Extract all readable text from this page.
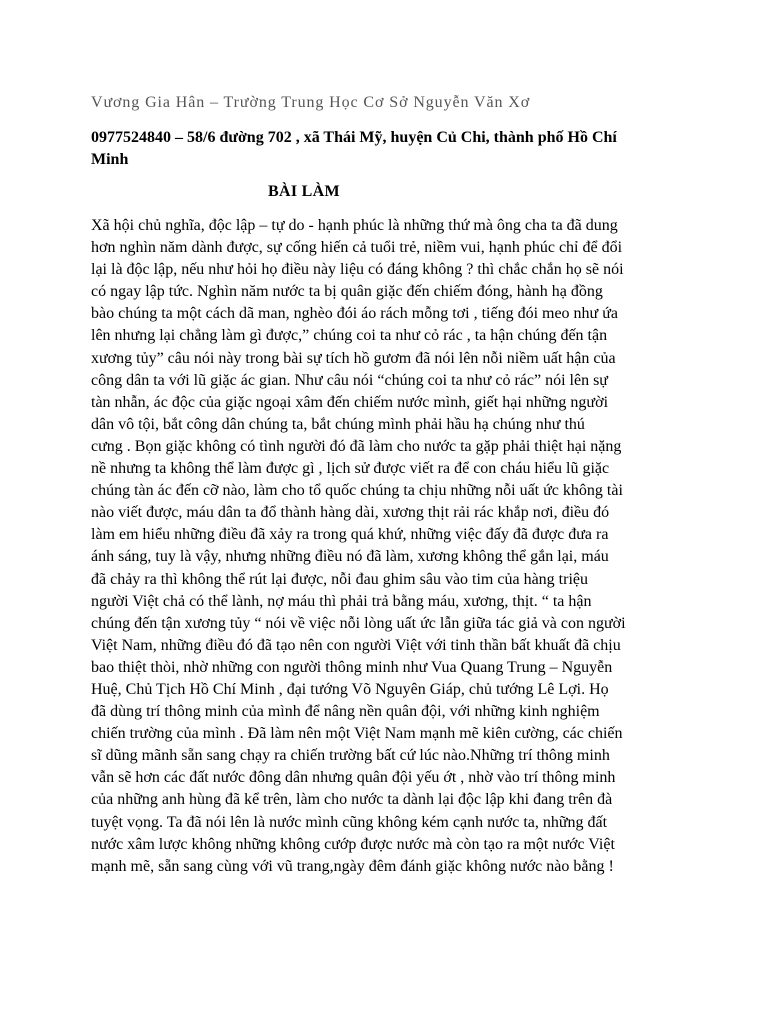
Vương Gia Hân – Trường Trung Học Cơ Sở Nguyễn Văn Xơ
0977524840 – 58/6 đường 702 , xã Thái Mỹ, huyện Củ Chi, thành phố Hồ Chí
Minh
BÀI LÀM
Xã hội chủ nghĩa, độc lập – tự do - hạnh phúc là những thứ mà ông cha ta đã dung
hơn nghìn năm dành được, sự cống hiến cả tuổi trẻ, niềm vui, hạnh phúc chỉ để đổi
lại là độc lập, nếu như hỏi họ điều này liệu có đáng không ? thì chắc chắn họ sẽ nói
có ngay lập tức. Nghìn năm nước ta bị quân giặc đến chiếm đóng, hành hạ đồng
bào chúng ta một cách dã man, nghèo đói áo rách mỗng tơi , tiếng đói meo như ứa
lên nhưng lại chẳng làm gì được,” chúng coi ta như cỏ rác , ta hận chúng đến tận
xương tủy” câu nói này trong bài sự tích hồ gươm đã nói lên nỗi niềm uất hận của
công dân ta với lũ giặc ác gian. Như câu nói “chúng coi ta như cỏ rác” nói lên sự
tàn nhẫn, ác độc của giặc ngoại xâm đến chiếm nước mình, giết hại những người
dân vô tội, bắt công dân chúng ta, bắt chúng mình phải hầu hạ chúng như thú
cưng . Bọn giặc không có tình người đó đã làm cho nước ta gặp phải thiệt hại nặng
nề nhưng ta không thể làm được gì , lịch sử được viết ra để con cháu hiểu lũ giặc
chúng tàn ác đến cỡ nào, làm cho tổ quốc chúng ta chịu những nỗi uất ức không tài
nào viết được, máu dân ta đổ thành hàng dài, xương thịt rải rác khắp nơi, điều đó
làm em hiểu những điều đã xảy ra trong quá khứ, những việc đấy đã được đưa ra
ánh sáng, tuy là vậy, nhưng những điều nó đã làm, xương không thể gắn lại, máu
đã chảy ra thì không thể rút lại được, nỗi đau ghim sâu vào tim của hàng triệu
người Việt chả có thể lành, nợ máu thì phải trả bằng máu, xương, thịt. “ ta hận
chúng đến tận xương tủy “ nói về việc nỗi lòng uất ức lẫn giữa tác giả và con người
Việt Nam, những điều đó đã tạo nên con người Việt với tinh thần bất khuất đã chịu
bao thiệt thòi, nhờ những con người thông minh như Vua Quang Trung – Nguyễn
Huệ, Chủ Tịch Hồ Chí Minh , đại tướng Võ Nguyên Giáp, chủ tướng Lê Lợi. Họ
đã dùng trí thông minh của mình để nâng nền quân đội, với những kinh nghiệm
chiến trường của mình . Đã làm nên một Việt Nam mạnh mẽ kiên cường, các chiến
sĩ dũng mãnh sẵn sang chạy ra chiến trường bất cứ lúc nào.Những trí thông minh
vẫn sẽ hơn các đất nước đông dân nhưng quân đội yếu ớt , nhờ vào trí thông minh
của những anh hùng đã kể trên, làm cho nước ta dành lại độc lập khi đang trên đà
tuyệt vọng. Ta đã nói lên là nước mình cũng không kém cạnh nước ta, những đất
nước xâm lược không những không cướp được nước mà còn tạo ra một nước Việt
mạnh mẽ, sẵn sang cùng với vũ trang,ngày đêm đánh giặc không nước nào bằng !
